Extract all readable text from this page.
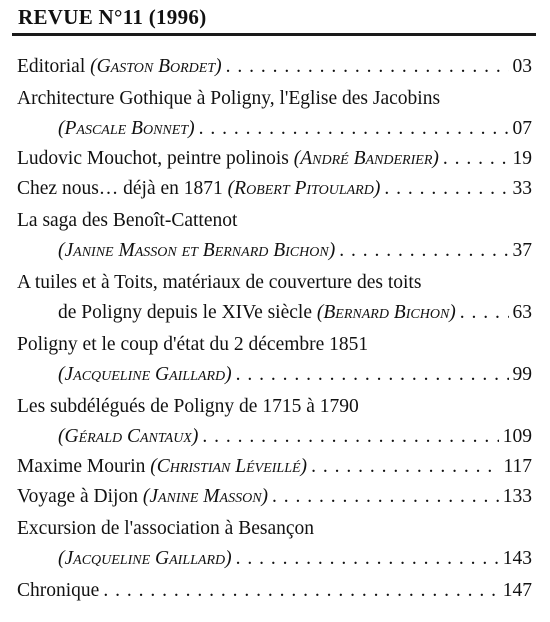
REVUE N°11 (1996)
Editorial (Gaston Bordet) . . .	03
Architecture Gothique à Poligny, l'Eglise des Jacobins
(Pascale Bonnet) . . .	07
Ludovic Mouchot, peintre polinois (André Banderier) . . .	19
Chez nous… déjà en 1871 (Robert Pitoulard) . . .	33
La saga des Benoît-Cattenot
(Janine Masson et Bernard Bichon) . . .	37
A tuiles et à Toits, matériaux de couverture des toits
de Poligny depuis le XIVe siècle (Bernard Bichon) . . .	63
Poligny et le coup d'état du 2 décembre 1851
(Jacqueline Gaillard) . . .	99
Les subdélégués de Poligny de 1715 à 1790
(Gérald Cantaux) . . .	109
Maxime Mourin (Christian Léveillé) . . .	117
Voyage à Dijon (Janine Masson) . . .	133
Excursion de l'association à Besançon
(Jacqueline Gaillard) . . .	143
Chronique . . .	147
